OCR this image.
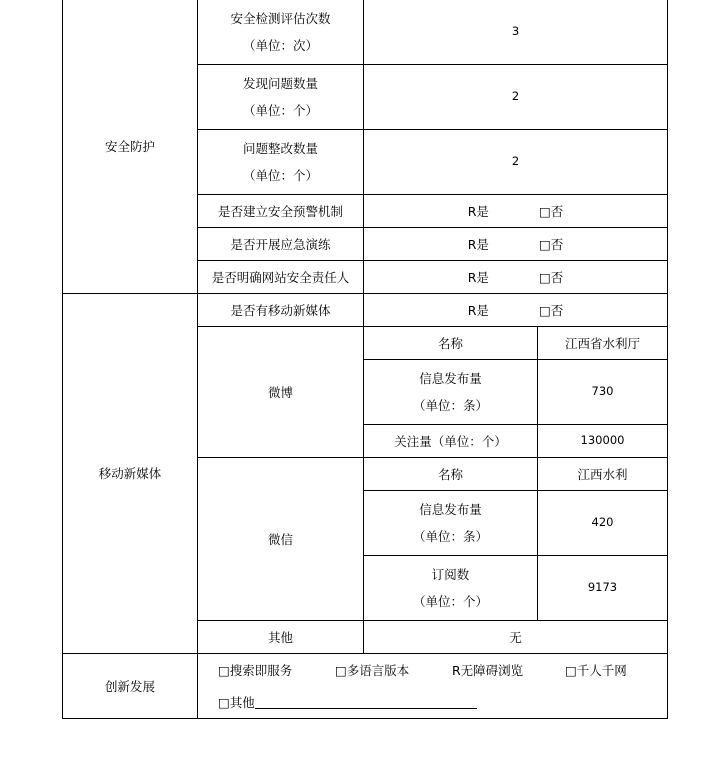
安全防护	安全检测评估次数
（单位：次）	3	

	发现问题数量
（单位：个）	2	

	问题整改数量
（单位：个）	2	
	是否建立安全预警机制	R是 □否	

	是否开展应急演练	R是 □否	

	是否明确网站安全责任人	R是 □否	

移动新媒体	是否有移动新媒体	R是 □否	

	微博	名称	江西省水利厅

		信息发布量
（单位：条）	730
		关注量（单位：个）	130000
	微信	名称	江西水利

		信息发布量
（单位：条）	420

		订阅数
（单位：个）	9173
	其他	无	
创新发展	□搜索即服务 □多语言版本 R无障碍浏览 □千人千网
□其他		
